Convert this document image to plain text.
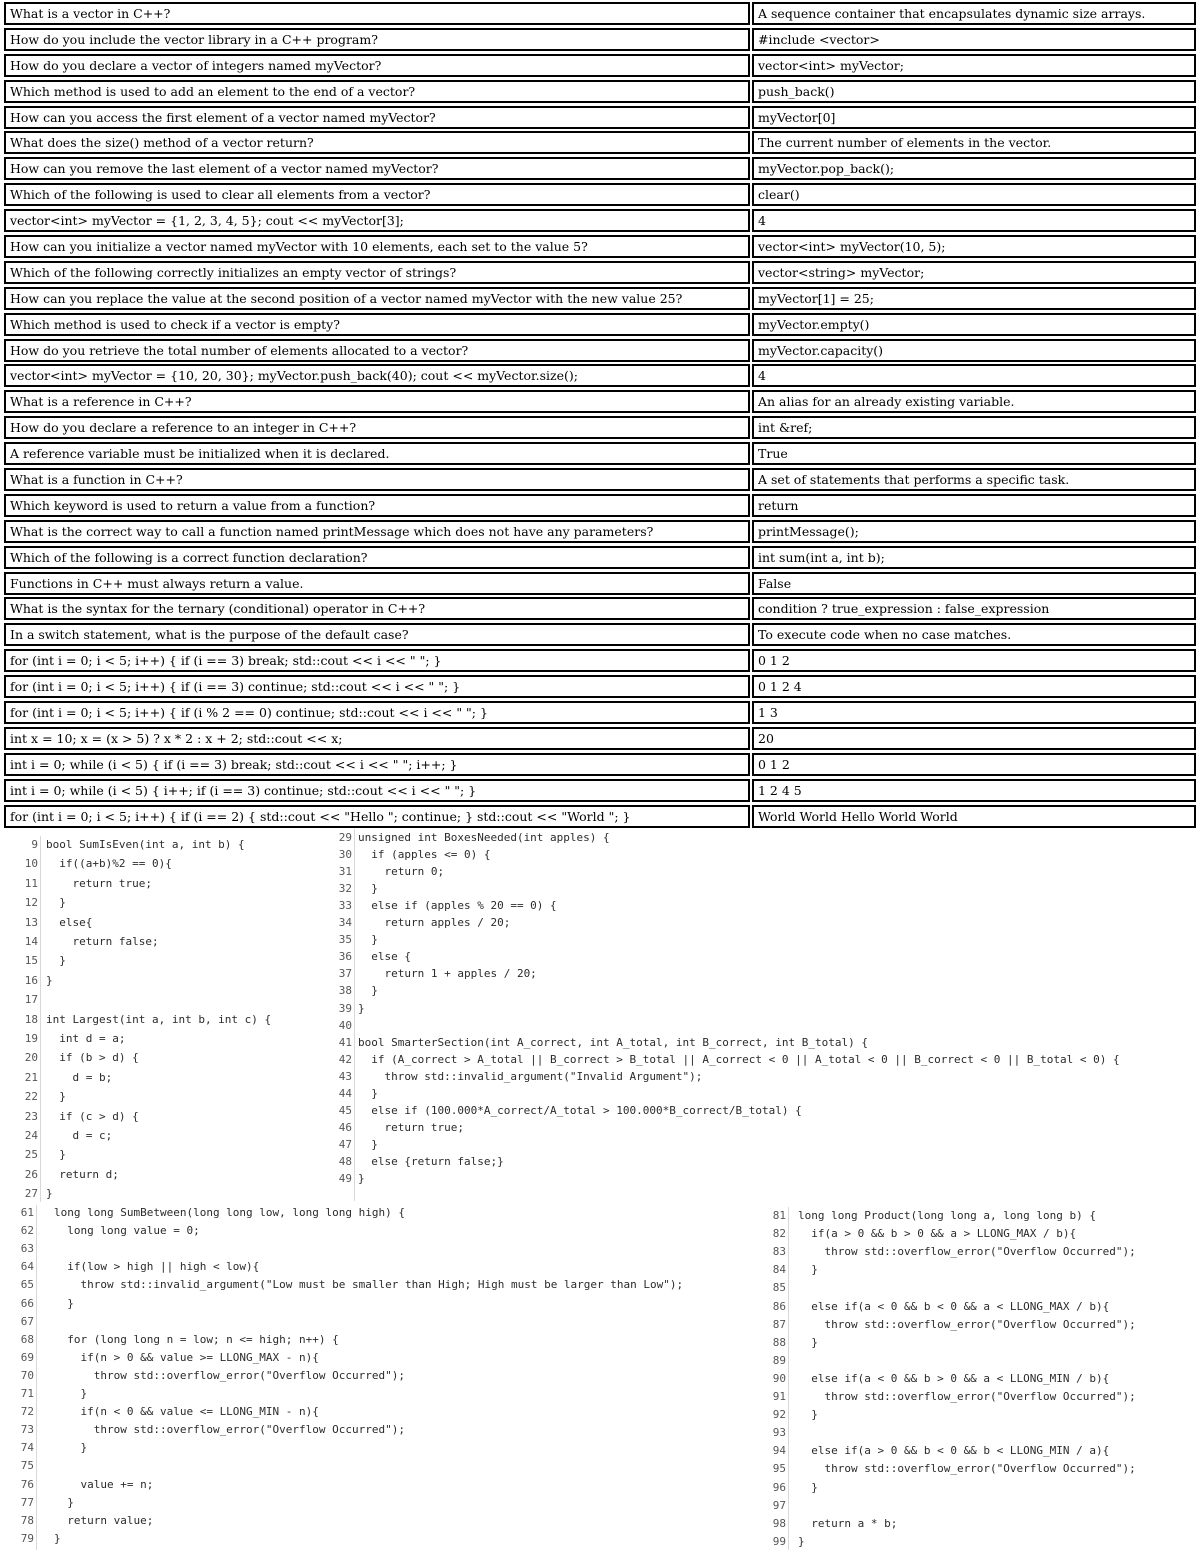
What is a vector in C++?	A sequence container that encapsulates dynamic size arrays.
How do you include the vector library in a C++ program?	#include <vector>
How do you declare a vector of integers named myVector?	vector<int> myVector;
Which method is used to add an element to the end of a vector?	push_back()
How can you access the first element of a vector named myVector?	myVector[0]
What does the size() method of a vector return?	The current number of elements in the vector.
How can you remove the last element of a vector named myVector?	myVector.pop_back();
Which of the following is used to clear all elements from a vector?	clear()
vector<int> myVector = {1, 2, 3, 4, 5}; cout << myVector[3];	4
How can you initialize a vector named myVector with 10 elements, each set to the value 5?	vector<int> myVector(10, 5);
Which of the following correctly initializes an empty vector of strings?	vector<string> myVector;
How can you replace the value at the second position of a vector named myVector with the new value 25?	myVector[1] = 25;
Which method is used to check if a vector is empty?	myVector.empty()
How do you retrieve the total number of elements allocated to a vector?	myVector.capacity()
vector<int> myVector = {10, 20, 30}; myVector.push_back(40); cout << myVector.size();	4
What is a reference in C++?	An alias for an already existing variable.
How do you declare a reference to an integer in C++?	int &ref;
A reference variable must be initialized when it is declared.	True
What is a function in C++?	A set of statements that performs a specific task.
Which keyword is used to return a value from a function?	return
What is the correct way to call a function named printMessage which does not have any parameters?	printMessage();
Which of the following is a correct function declaration?	int sum(int a, int b);
Functions in C++ must always return a value.	False
What is the syntax for the ternary (conditional) operator in C++?	condition ? true_expression : false_expression
In a switch statement, what is the purpose of the default case?	To execute code when no case matches.
for (int i = 0; i < 5; i++) { if (i == 3) break; std::cout << i << " "; }	0 1 2
for (int i = 0; i < 5; i++) { if (i == 3) continue; std::cout << i << " "; }	0 1 2 4
for (int i = 0; i < 5; i++) { if (i % 2 == 0) continue; std::cout << i << " "; }	1 3
int x = 10; x = (x > 5) ? x * 2 : x + 2; std::cout << x;	20
int i = 0; while (i < 5) { if (i == 3) break; std::cout << i << " "; i++; }	0 1 2
int i = 0; while (i < 5) { i++; if (i == 3) continue; std::cout << i << " "; }	1 2 4 5
for (int i = 0; i < 5; i++) { if (i == 2) { std::cout << "Hello "; continue; } std::cout << "World "; }	World World Hello World World
9 bool SumIsEven(int a, int b) {
10 if((a+b)%2 == 0){
11 return true;
12 }
13 else{
14 return false;
15 }
16 }
17
18 int Largest(int a, int b, int c) {
19 int d = a;
20 if (b > d) {
21 d = b;
22 }
23 if (c > d) {
24 d = c;
25 }
26 return d;
27 }
29 unsigned int BoxesNeeded(int apples) {
30 if (apples <= 0) {
31 return 0;
32 }
33 else if (apples % 20 == 0) {
34 return apples / 20;
35 }
36 else {
37 return 1 + apples / 20;
38 }
39 }
40
41 bool SmarterSection(int A_correct, int A_total, int B_correct, int B_total) {
42 if (A_correct > A_total || B_correct > B_total || A_correct < 0 || A_total < 0 || B_correct < 0 || B_total < 0) {
43 throw std::invalid_argument("Invalid Argument");
44 }
45 else if (100.000*A_correct/A_total > 100.000*B_correct/B_total) {
46 return true;
47 }
48 else {return false;}
49 }
61 long long SumBetween(long long low, long long high) {
62 long long value = 0;
63
64 if(low > high || high < low){
65 throw std::invalid_argument("Low must be smaller than High; High must be larger than Low");
66 }
67
68 for (long long n = low; n <= high; n++) {
69 if(n > 0 && value >= LLONG_MAX - n){
70 throw std::overflow_error("Overflow Occurred");
71 }
72 if(n < 0 && value <= LLONG_MIN - n){
73 throw std::overflow_error("Overflow Occurred");
74 }
75
76 value += n;
77 }
78 return value;
79 }
81 long long Product(long long a, long long b) {
82 if(a > 0 && b > 0 && a > LLONG_MAX / b){
83 throw std::overflow_error("Overflow Occurred");
84 }
85
86 else if(a < 0 && b < 0 && a < LLONG_MAX / b){
87 throw std::overflow_error("Overflow Occurred");
88 }
89
90 else if(a < 0 && b > 0 && a < LLONG_MIN / b){
91 throw std::overflow_error("Overflow Occurred");
92 }
93
94 else if(a > 0 && b < 0 && b < LLONG_MIN / a){
95 throw std::overflow_error("Overflow Occurred");
96 }
97
98 return a * b;
99 }
